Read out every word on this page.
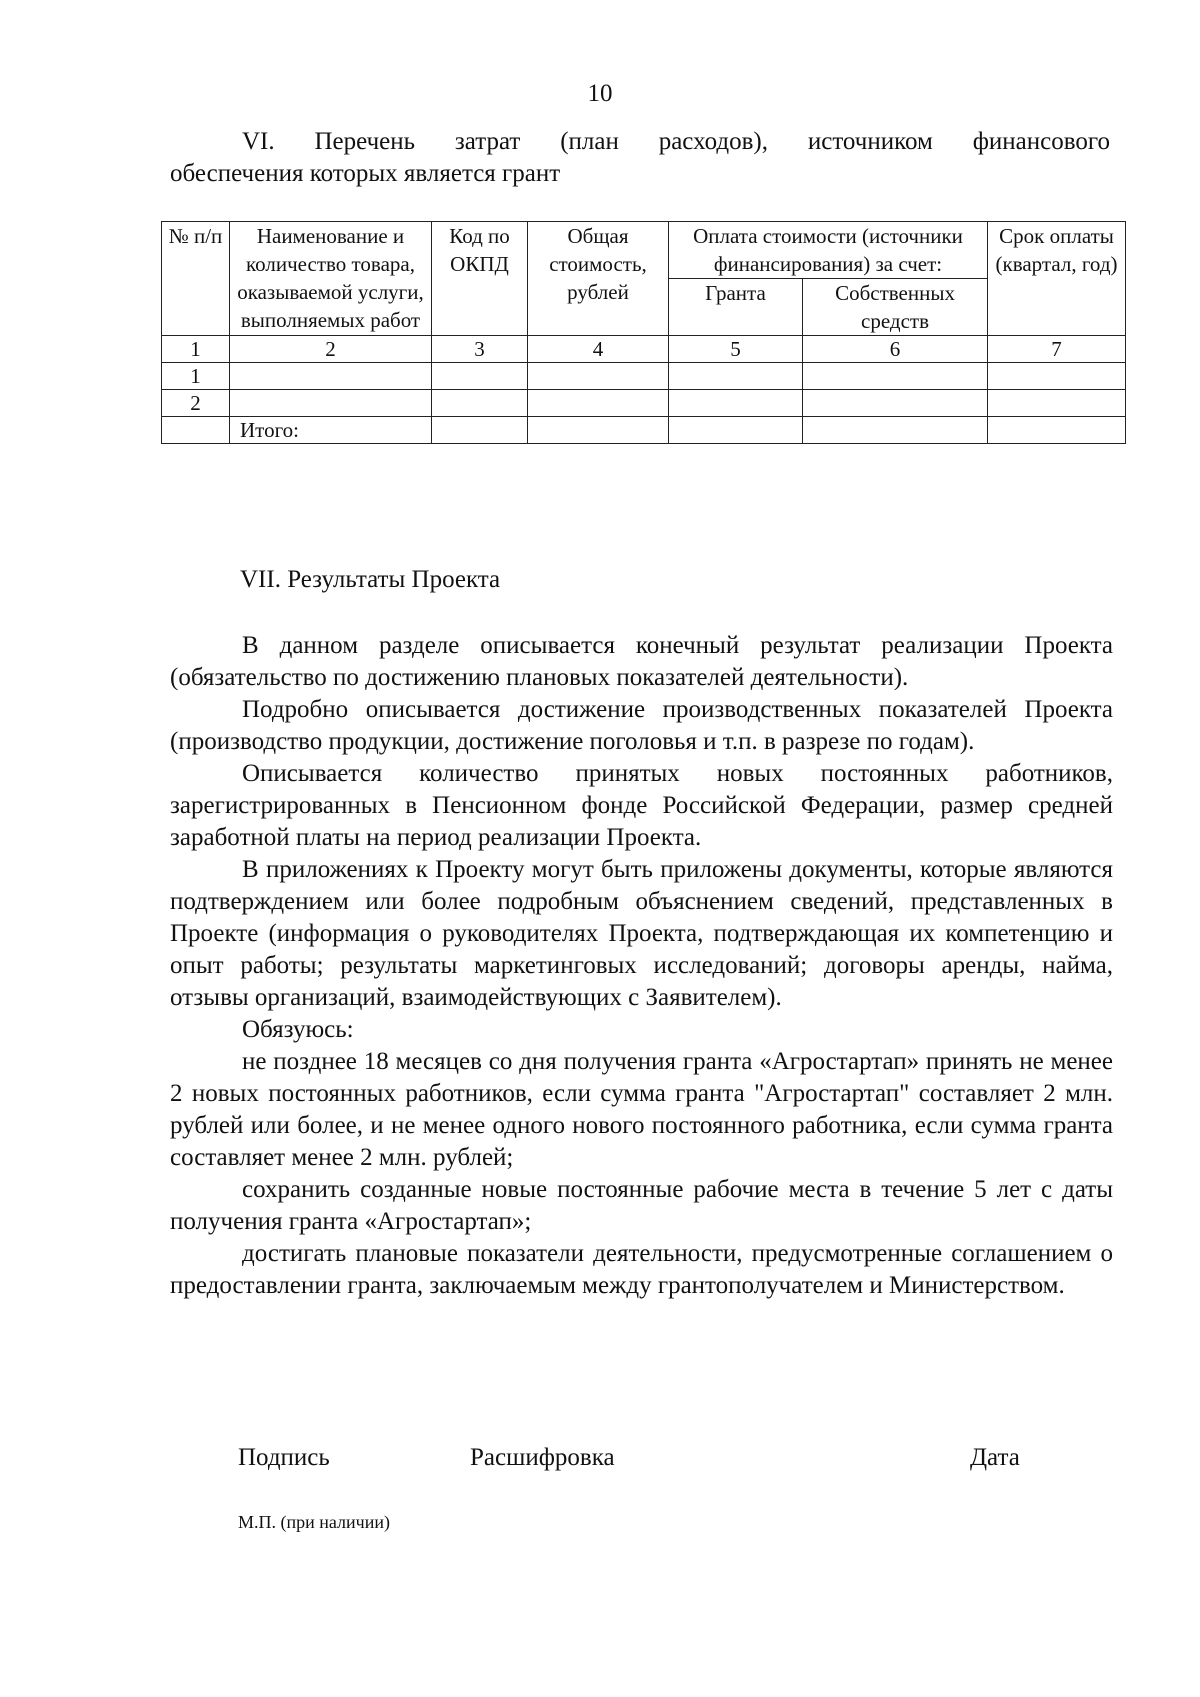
10
VI. Перечень затрат (план расходов), источником финансового
обеспечения которых является грант
№ п/п	Наименование и количество товара, оказываемой услуги, выполняемых работ	Код по ОКПД	Общая стоимость, рублей	Оплата стоимости (источники финансирования) за счет:		Срок оплаты (квартал, год)
				Гранта	Собственных средств	
1	2	3	4	5	6	7
1						
2						
	Итого:					
VII. Результаты Проекта

В данном разделе описывается конечный результат реализации Проекта (обязательство по достижению плановых показателей деятельности).

Подробно описывается достижение производственных показателей Проекта (производство продукции, достижение поголовья и т.п. в разрезе по годам).

Описывается количество принятых новых постоянных работников, зарегистрированных в Пенсионном фонде Российской Федерации, размер средней заработной платы на период реализации Проекта.

В приложениях к Проекту могут быть приложены документы, которые являются подтверждением или более подробным объяснением сведений, представленных в Проекте (информация о руководителях Проекта, подтверждающая их компетенцию и опыт работы; результаты маркетинговых исследований; договоры аренды, найма, отзывы организаций, взаимодействующих с Заявителем).

Обязуюсь:

не позднее 18 месяцев со дня получения гранта «Агростартап» принять не менее 2 новых постоянных работников, если сумма гранта "Агростартап" составляет 2 млн. рублей или более, и не менее одного нового постоянного работника, если сумма гранта составляет менее 2 млн. рублей;

сохранить созданные новые постоянные рабочие места в течение 5 лет с даты получения гранта «Агростартап»;

достигать плановые показатели деятельности, предусмотренные соглашением о предоставлении гранта, заключаемым между грантополучателем и Министерством.

Подпись	Расшифровка	Дата
М.П. (при наличии)
